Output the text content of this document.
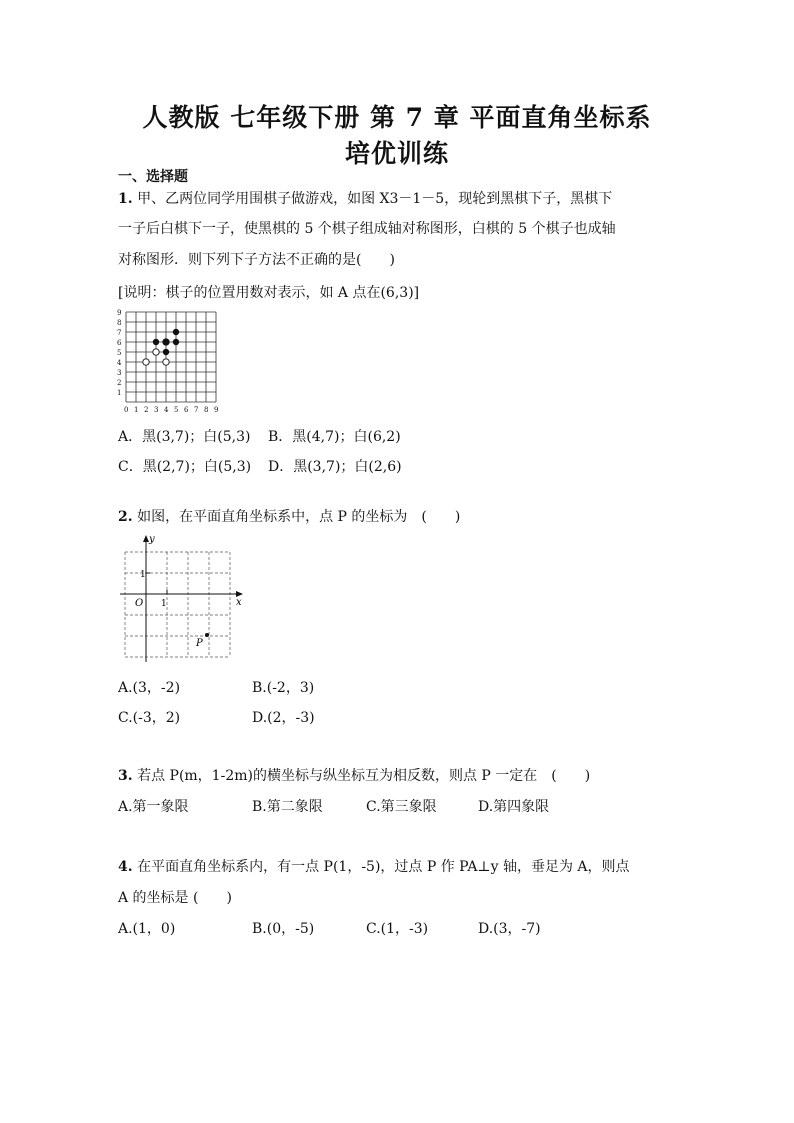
人教版 七年级下册 第 7 章 平面直角坐标系
培优训练
一、选择题
1. 甲、乙两位同学用围棋子做游戏，如图 X3－1－5，现轮到黑棋下子，黑棋下
一子后白棋下一子，使黑棋的 5 个棋子组成轴对称图形，白棋的 5 个棋子也成轴
对称图形．则下列下子方法不正确的是(　　)
[说明：棋子的位置用数对表示，如 A 点在(6,3)]
0 1 2 3 4 5 6 7 8 9
1
2
3
4
5
6
7
8
9
A．黑(3,7)；白(5,3) B．黑(4,7)；白(6,2)
C．黑(2,7)；白(5,3) D．黑(3,7)；白(2,6)
2. 如图，在平面直角坐标系中，点 P 的坐标为　(　　)
y
x
O 1
1
P
A.(3，-2)	B.(-2，3)
C.(-3，2)	D.(2，-3)
3. 若点 P(m，1-2m)的横坐标与纵坐标互为相反数，则点 P 一定在　(　　)
A.第一象限	B.第二象限	C.第三象限	D.第四象限
4. 在平面直角坐标系内，有一点 P(1，-5)，过点 P 作 PA⊥y 轴，垂足为 A，则点
A 的坐标是 (　　)
A.(1，0)	B.(0，-5)	C.(1，-3)	D.(3，-7)
